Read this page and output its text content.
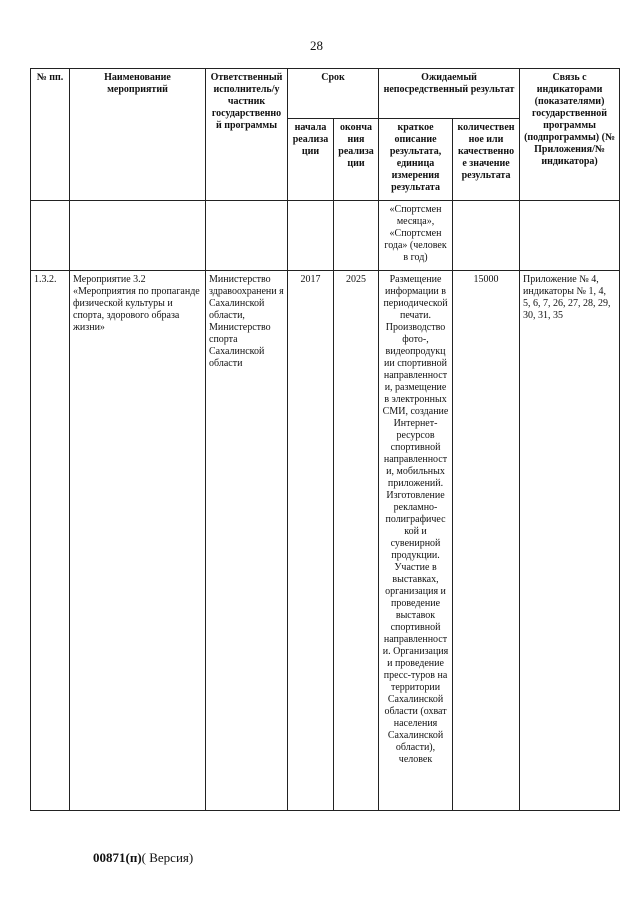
28
№ пп.	Наименование мероприятий	Ответственный исполнитель/у частник государственно й программы	Срок		Ожидаемый непосредственный результат		Связь с индикаторами (показателями) государственной программы (подпрограммы) (№ Приложения/№ индикатора)
			начала реализа ции	оконча ния реализа ции	краткое описание результата, единица измерения результата	количествен ное или качественно е значение результата	
					«Спортсмен месяца», «Спортсмен года» (человек в год)		
1.3.2.	Мероприятие 3.2 «Мероприятия по пропаганде физической культуры и спорта, здорового образа жизни»	Министерство здравоохранени я Сахалинской области, Министерство спорта Сахалинской области	2017	2025	Размещение информации в периодической печати. Производство фото-, видеопродукц ии спортивной направленност и, размещение в электронных СМИ, создание Интернет-ресурсов спортивной направленност и, мобильных приложений. Изготовление рекламно-полиграфичес кой и сувенирной продукции. Участие в выставках, организация и проведение выставок спортивной направленност и. Организация и проведение пресс-туров на территории Сахалинской области (охват населения Сахалинской области), человек	15000	Приложение № 4, индикаторы № 1, 4, 5, 6, 7, 26, 27, 28, 29, 30, 31, 35
00871(п)( Версия)
